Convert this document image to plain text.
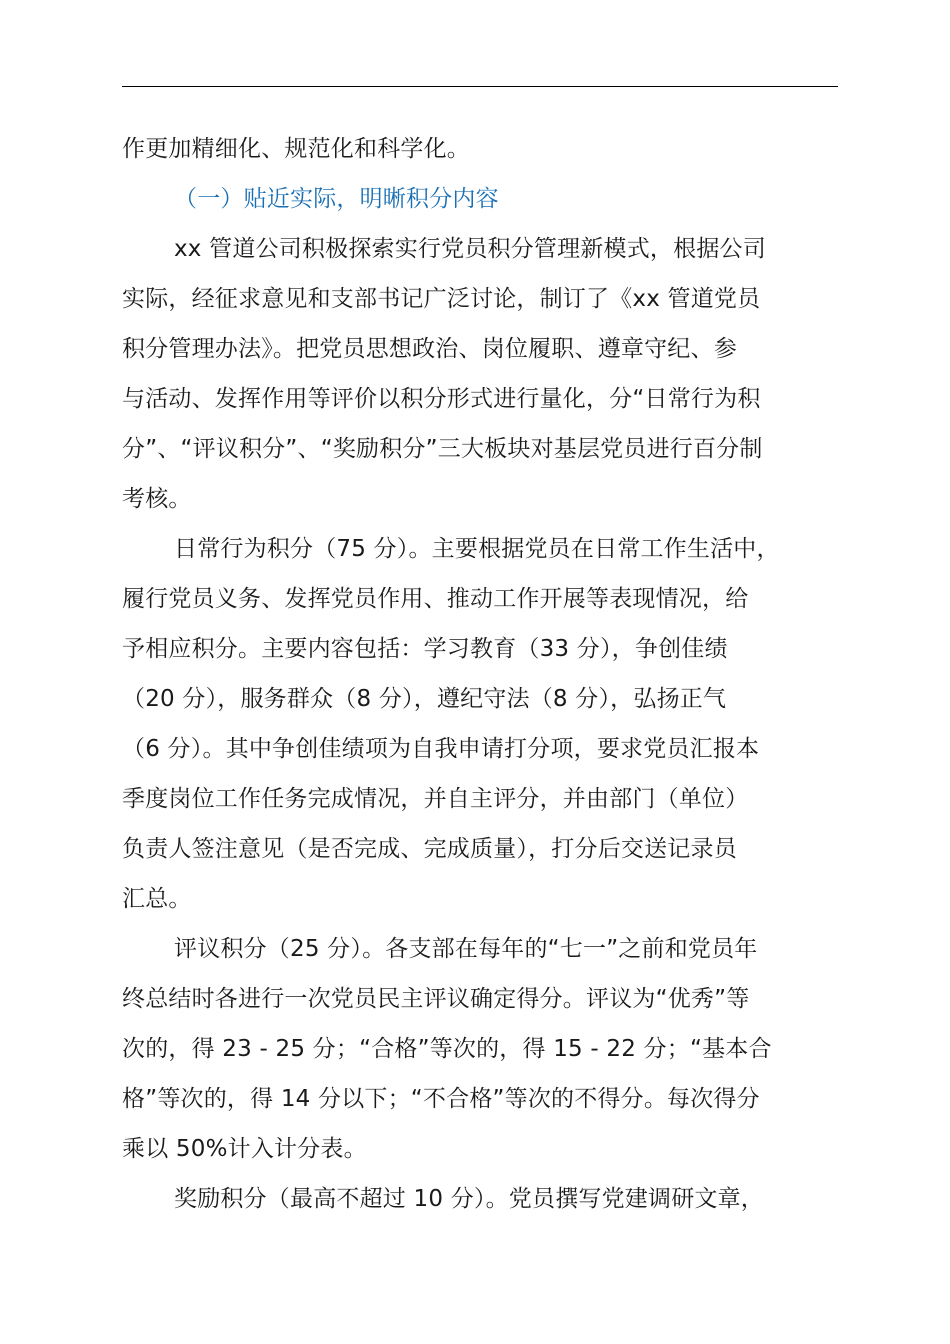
作更加精细化、规范化和科学化。
（一）贴近实际，明晰积分内容
xx 管道公司积极探索实行党员积分管理新模式，根据公司
实际，经征求意见和支部书记广泛讨论，制订了《xx 管道党员
积分管理办法》。把党员思想政治、岗位履职、遵章守纪、参
与活动、发挥作用等评价以积分形式进行量化，分“日常行为积
分”、“评议积分”、“奖励积分”三大板块对基层党员进行百分制
考核。
日常行为积分（75 分）。主要根据党员在日常工作生活中，
履行党员义务、发挥党员作用、推动工作开展等表现情况，给
予相应积分。主要内容包括：学习教育（33 分），争创佳绩
（20 分），服务群众（8 分），遵纪守法（8 分），弘扬正气
（6 分）。其中争创佳绩项为自我申请打分项，要求党员汇报本
季度岗位工作任务完成情况，并自主评分，并由部门（单位）
负责人签注意见（是否完成、完成质量），打分后交送记录员
汇总。
评议积分（25 分）。各支部在每年的“七一”之前和党员年
终总结时各进行一次党员民主评议确定得分。评议为“优秀”等
次的，得 23 - 25 分；“合格”等次的，得 15 - 22 分；“基本合
格”等次的，得 14 分以下；“不合格”等次的不得分。每次得分
乘以 50%计入计分表。
奖励积分（最高不超过 10 分）。党员撰写党建调研文章，
